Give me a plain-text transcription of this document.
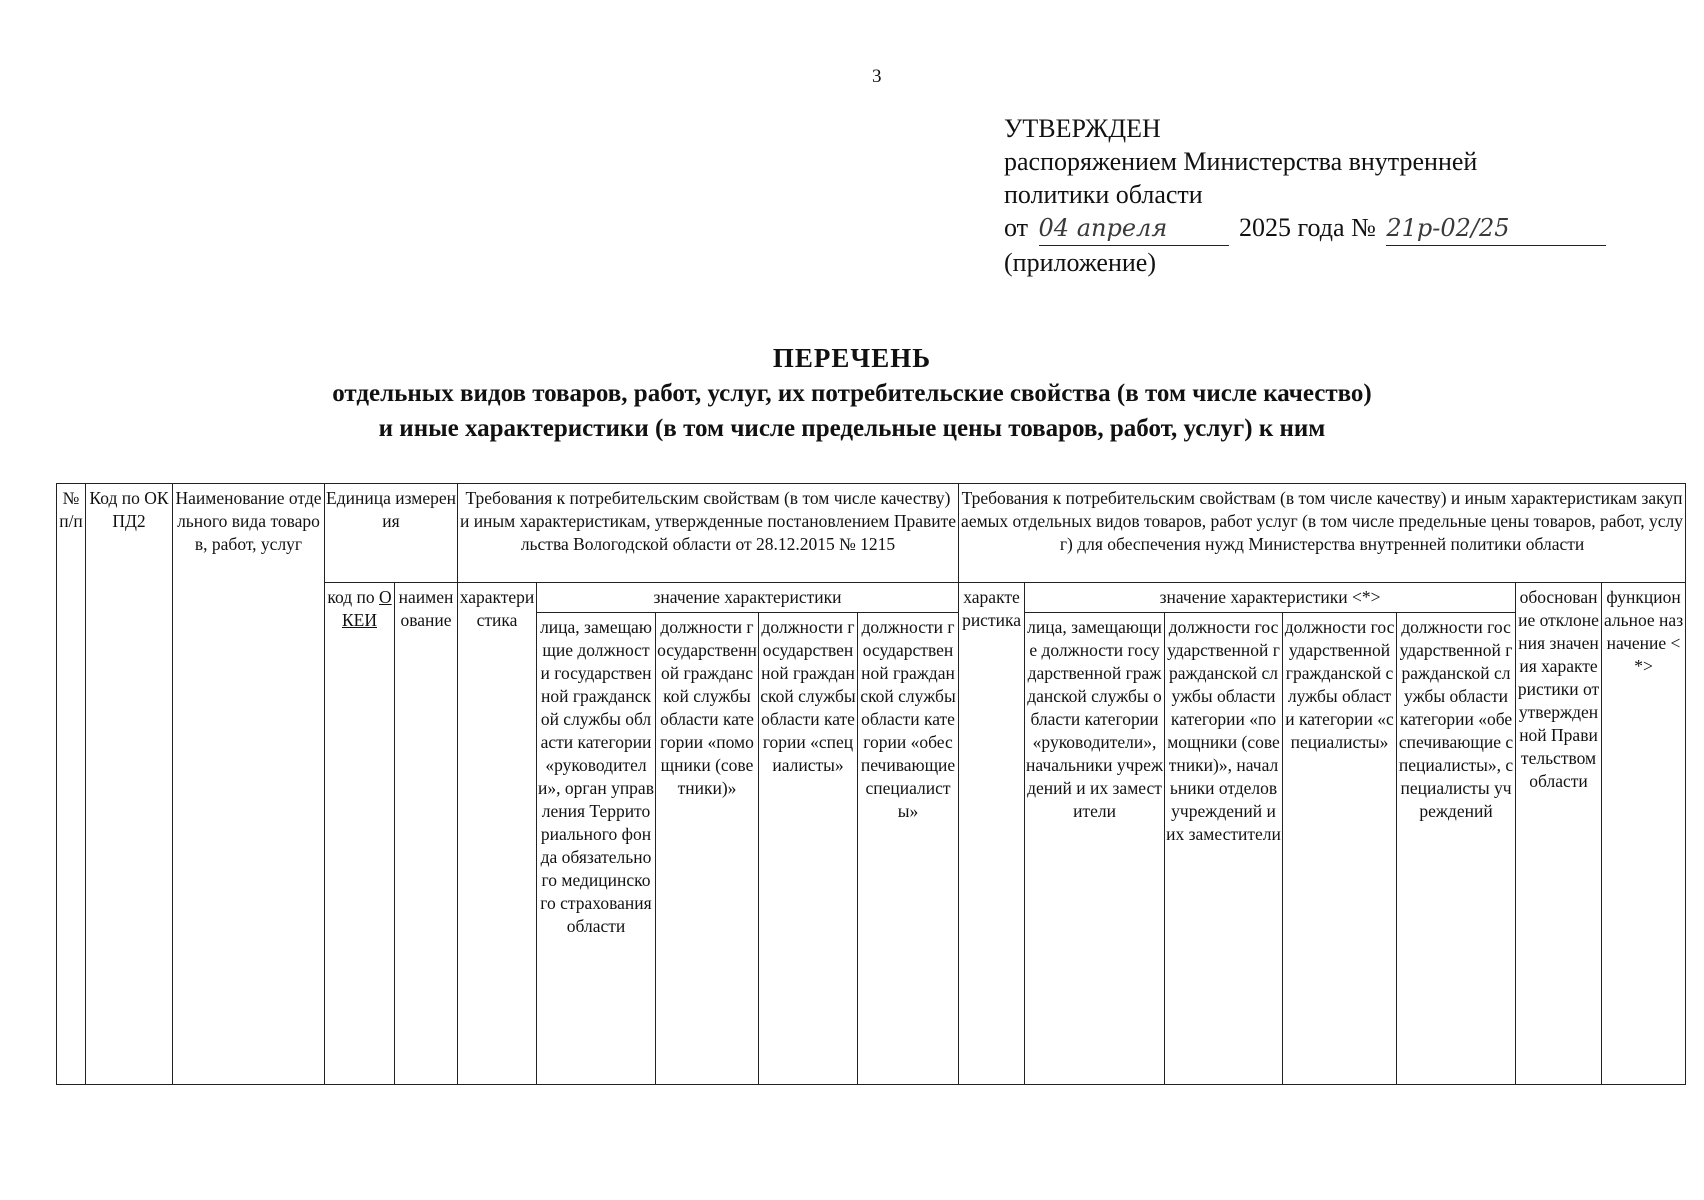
3
УТВЕРЖДЕН
распоряжением Министерства внутренней
политики области
от 04 апреля	2025 года № 21р-02/25
(приложение)
ПЕРЕЧЕНЬ
отдельных видов товаров, работ, услуг, их потребительские свойства (в том числе качество)
и иные характеристики (в том числе предельные цены товаров, работ, услуг) к ним
№ п/п	Код по ОКПД2	Наименование отдельного вида товаров, работ, услуг	Единица измерения		Требования к потребительским свойствам (в том числе качеству) и иным характеристикам, утвержденные постановлением Правительства Вологодской области от 28.12.2015 № 1215					Требования к потребительским свойствам (в том числе качеству) и иным характеристикам закупаемых отдельных видов товаров, работ услуг (в том числе предельные цены товаров, работ, услуг) для обеспечения нужд Министерства внутренней политики области						
			код по ОКЕИ	наименование	характеристика	значение характеристики				характеристика	значение характеристики <*>				обоснование отклонения значения характеристики от утвержденной Правительством области	функциональное назначение <*>
						лица, замещающие должности государственной гражданской службы области категории «руководители», орган управления Территориального фонда обязательного медицинского страхования области	должности государственной гражданской службы области категории «помощники (советники)»	должности государственной гражданской службы области категории «специалисты»	должности государственной гражданской службы области категории «обеспечивающие специалисты»		лица, замещающие должности государственной гражданской службы области категории «руководители», начальники учреждений и их заместители	должности государственной гражданской службы области категории «помощники (советники)», начальники отделов учреждений и их заместители	должности государственной гражданской службы области категории «специалисты»	должности государственной гражданской службы области категории «обеспечивающие специалисты», специалисты учреждений		
